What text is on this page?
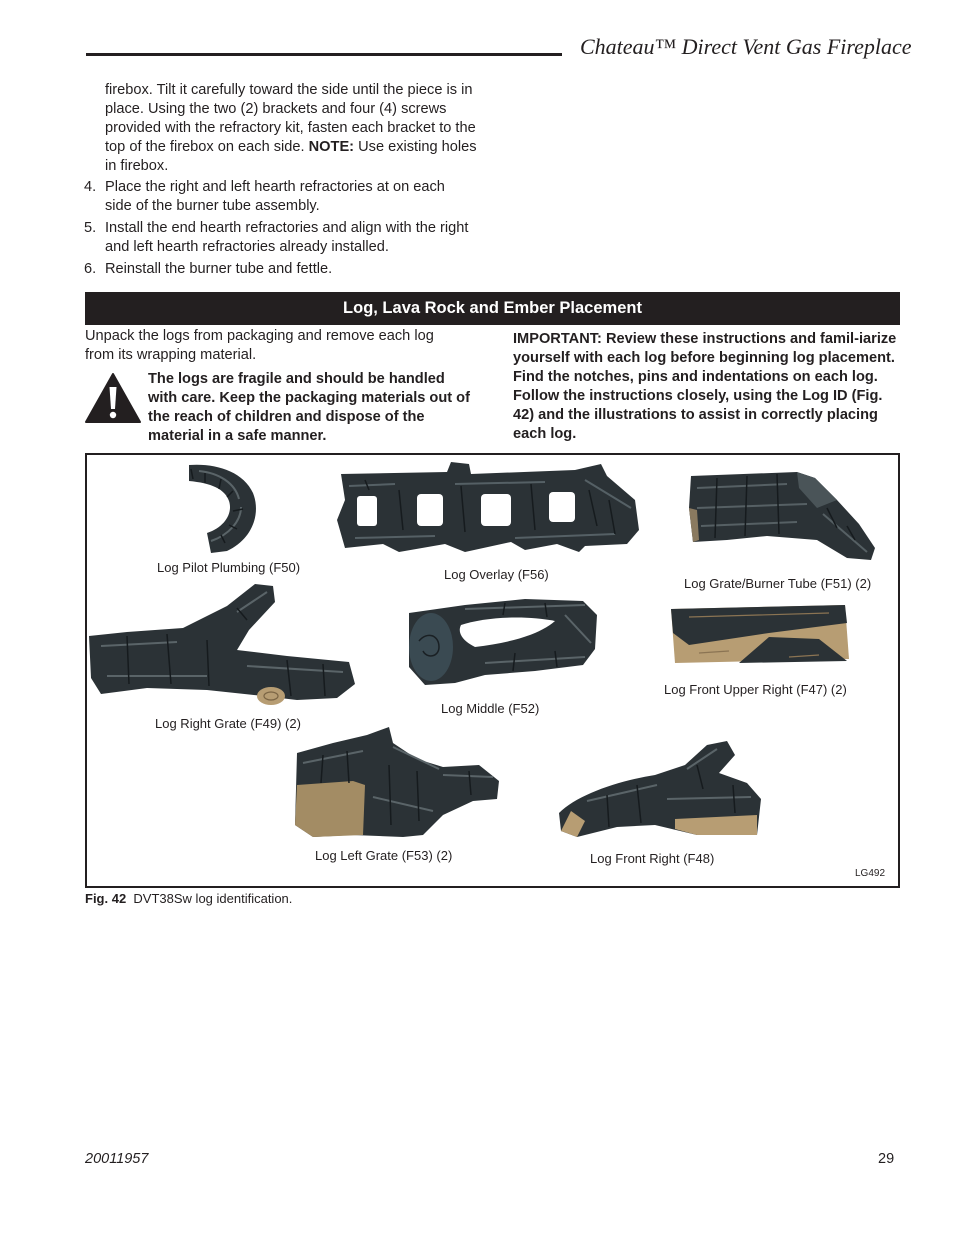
Chateau™ Direct Vent Gas Fireplace
firebox. Tilt it carefully toward the side until the piece is in place. Using the two (2) brackets and four (4) screws provided with the refractory kit, fasten each bracket to the top of the firebox on each side. NOTE: Use existing holes in firebox.
4. Place the right and left hearth refractories at on each side of the burner tube assembly.
5. Install the end hearth refractories and align with the right and left hearth refractories already installed.
6. Reinstall the burner tube and fettle.
Log, Lava Rock and Ember Placement
Unpack the logs from packaging and remove each log from its wrapping material.
The logs are fragile and should be handled with care. Keep the packaging materials out of the reach of children and dispose of the material in a safe manner.
IMPORTANT: Review these instructions and famil-iarize yourself with each log before beginning log placement. Find the notches, pins and indentations on each log. Follow the instructions closely, using the Log ID (Fig. 42) and the illustrations to assist in correctly placing each log.
Log Pilot Plumbing (F50)	Log Overlay (F56)
Log Grate/Burner Tube (F51) (2)
Log Right Grate (F49) (2)
Log Middle (F52)
Log Front Upper Right (F47) (2)
Log Left Grate (F53) (2)	Log Front Right (F48)
LG492
Fig. 42 DVT38Sw log identification.
20011957	29
